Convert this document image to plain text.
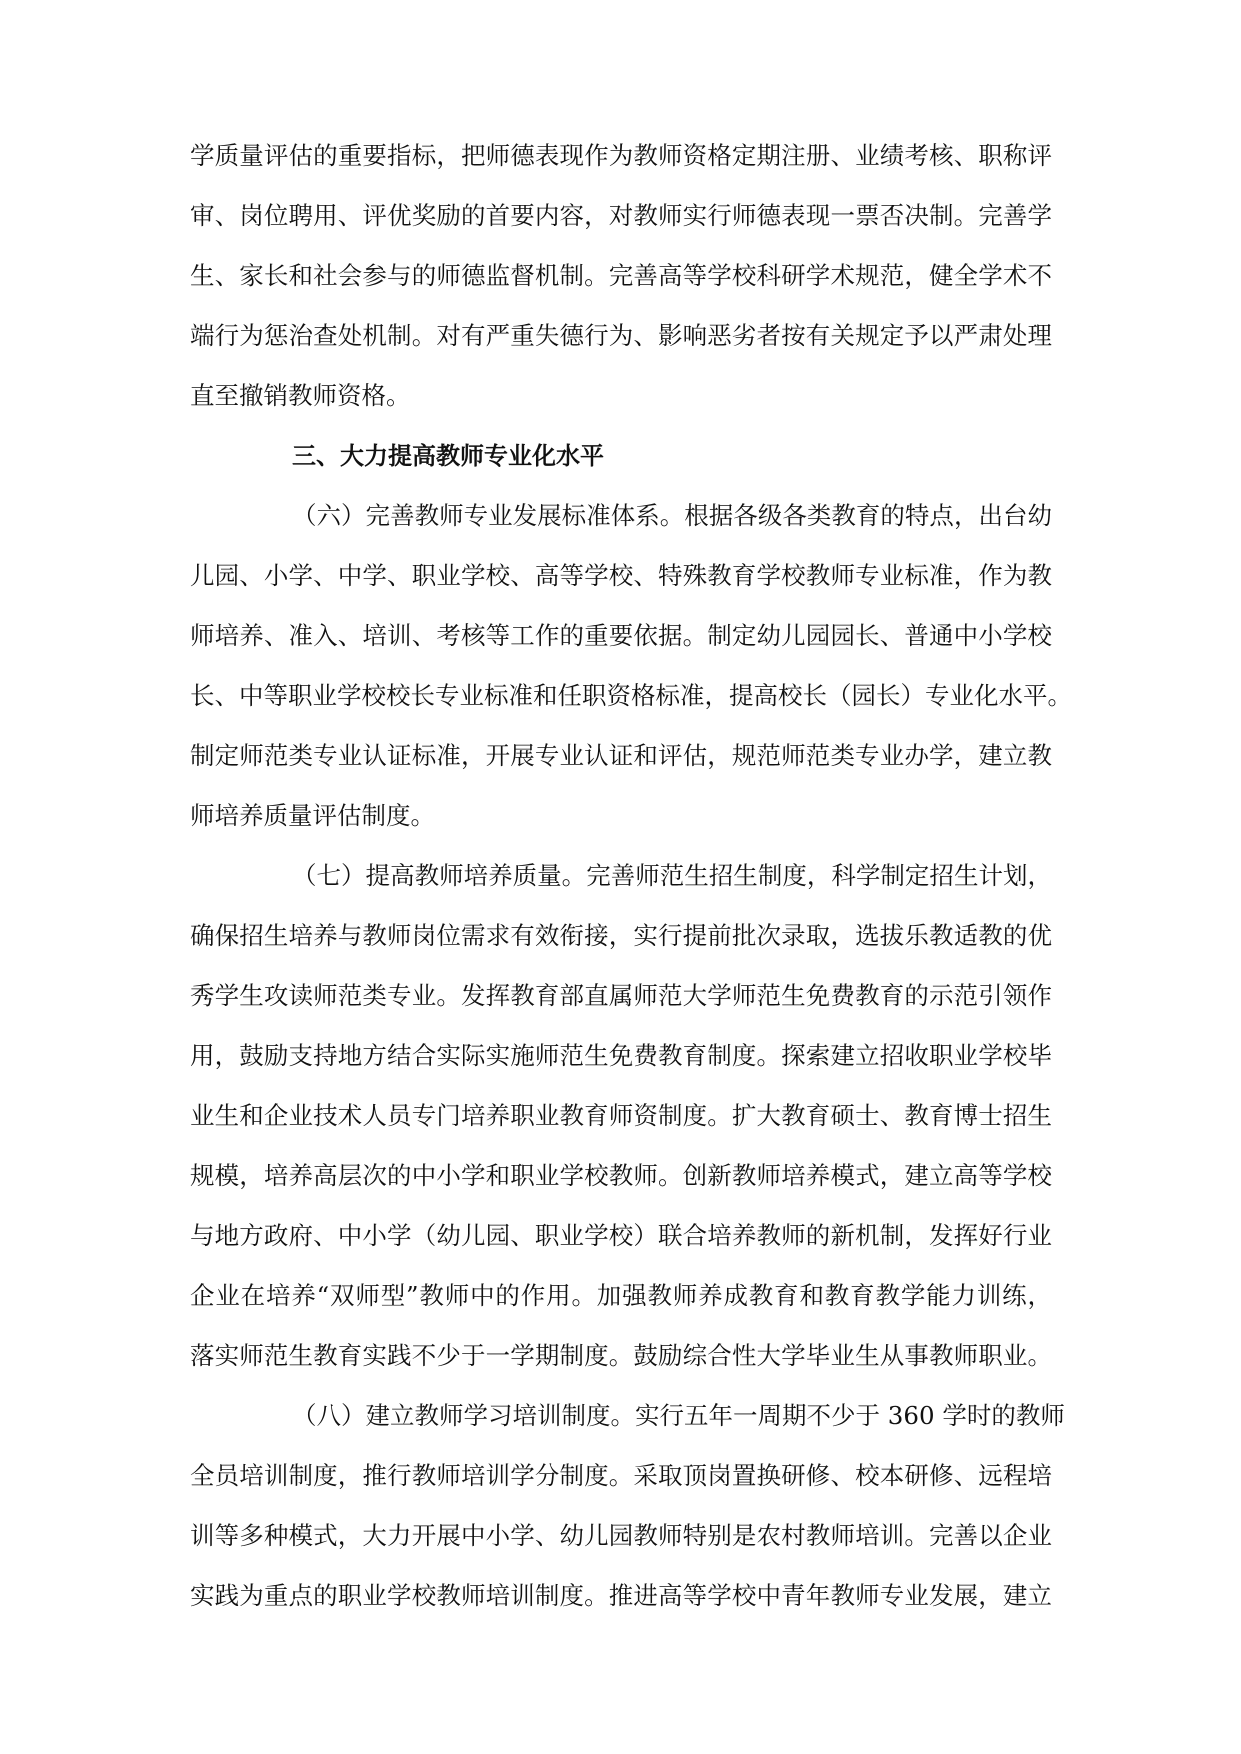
学质量评估的重要指标，把师德表现作为教师资格定期注册、业绩考核、职称评
审、岗位聘用、评优奖励的首要内容，对教师实行师德表现一票否决制。完善学
生、家长和社会参与的师德监督机制。完善高等学校科研学术规范，健全学术不
端行为惩治查处机制。对有严重失德行为、影响恶劣者按有关规定予以严肃处理
直至撤销教师资格。
三、大力提高教师专业化水平
（六）完善教师专业发展标准体系。根据各级各类教育的特点，出台幼
儿园、小学、中学、职业学校、高等学校、特殊教育学校教师专业标准，作为教
师培养、准入、培训、考核等工作的重要依据。制定幼儿园园长、普通中小学校
长、中等职业学校校长专业标准和任职资格标准，提高校长（园长）专业化水平。
制定师范类专业认证标准，开展专业认证和评估，规范师范类专业办学，建立教
师培养质量评估制度。
（七）提高教师培养质量。完善师范生招生制度，科学制定招生计划，
确保招生培养与教师岗位需求有效衔接，实行提前批次录取，选拔乐教适教的优
秀学生攻读师范类专业。发挥教育部直属师范大学师范生免费教育的示范引领作
用，鼓励支持地方结合实际实施师范生免费教育制度。探索建立招收职业学校毕
业生和企业技术人员专门培养职业教育师资制度。扩大教育硕士、教育博士招生
规模，培养高层次的中小学和职业学校教师。创新教师培养模式，建立高等学校
与地方政府、中小学（幼儿园、职业学校）联合培养教师的新机制，发挥好行业
企业在培养“双师型”教师中的作用。加强教师养成教育和教育教学能力训练，
落实师范生教育实践不少于一学期制度。鼓励综合性大学毕业生从事教师职业。
（八）建立教师学习培训制度。实行五年一周期不少于 360 学时的教师
全员培训制度，推行教师培训学分制度。采取顶岗置换研修、校本研修、远程培
训等多种模式，大力开展中小学、幼儿园教师特别是农村教师培训。完善以企业
实践为重点的职业学校教师培训制度。推进高等学校中青年教师专业发展，建立
